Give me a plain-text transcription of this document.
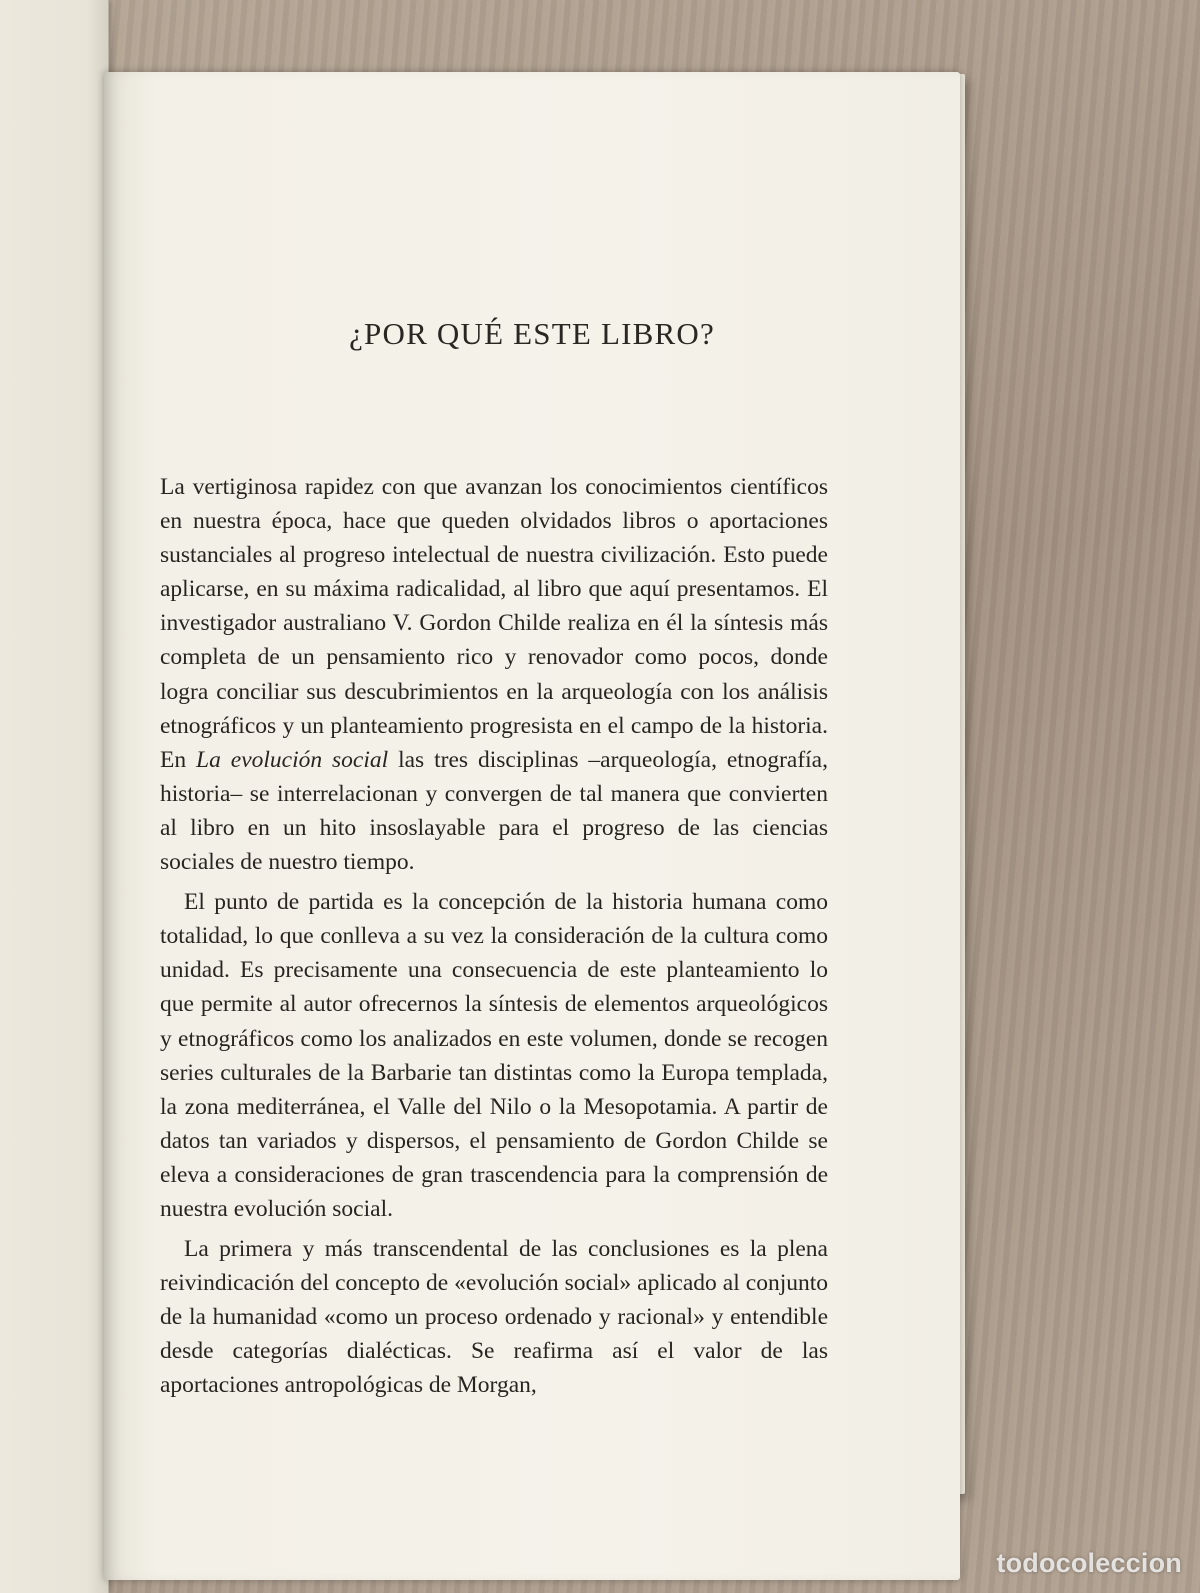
¿POR QUÉ ESTE LIBRO?

La vertiginosa rapidez con que avanzan los conocimientos científicos en nuestra época, hace que queden olvidados libros o aportaciones sustanciales al progreso intelectual de nuestra civilización. Esto puede aplicarse, en su máxima radicalidad, al libro que aquí presentamos. El investigador australiano V. Gordon Childe realiza en él la síntesis más completa de un pensamiento rico y renovador como pocos, donde logra conciliar sus descubrimientos en la arqueología con los análisis etnográficos y un planteamiento progresista en el campo de la historia. En La evolución social las tres disciplinas –arqueología, etnografía, historia– se interrelacionan y convergen de tal manera que convierten al libro en un hito insoslayable para el progreso de las ciencias sociales de nuestro tiempo.

El punto de partida es la concepción de la historia humana como totalidad, lo que conlleva a su vez la consideración de la cultura como unidad. Es precisamente una consecuencia de este planteamiento lo que permite al autor ofrecernos la síntesis de elementos arqueológicos y etnográficos como los analizados en este volumen, donde se recogen series culturales de la Barbarie tan distintas como la Europa templada, la zona mediterránea, el Valle del Nilo o la Mesopotamia. A partir de datos tan variados y dispersos, el pensamiento de Gordon Childe se eleva a consideraciones de gran trascendencia para la comprensión de nuestra evolución social.

La primera y más transcendental de las conclusiones es la plena reivindicación del concepto de «evolución social» aplicado al conjunto de la humanidad «como un proceso ordenado y racional» y entendible desde categorías dialécticas. Se reafirma así el valor de las aportaciones antropológicas de Morgan,

todocoleccion
